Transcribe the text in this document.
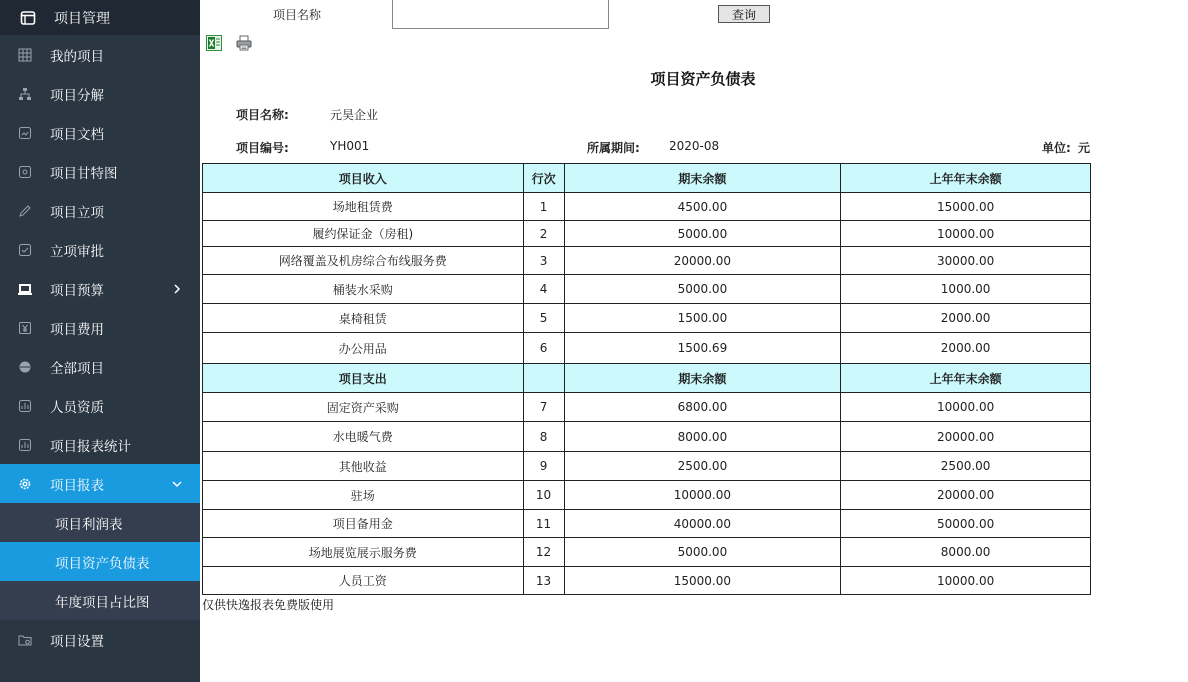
项目管理
我的项目
项目分解
项目文档
项目甘特图
项目立项
立项审批
项目预算
项目费用
全部项目
人员资质
项目报表统计
项目报表
项目利润表
项目资产负债表
年度项目占比图
项目设置
项目名称	查询
项目资产负债表
项目名称:	元昊企业
项目编号:	YH001	所属期间: 2020-08	单位: 元
项目收入	行次	期末余额	上年年末余额
场地租赁费	1	4500.00	15000.00
履约保证金（房租)	2	5000.00	10000.00
网络覆盖及机房综合布线服务费	3	20000.00	30000.00
桶装水采购	4	5000.00	1000.00
桌椅租赁	5	1500.00	2000.00
办公用品	6	1500.69	2000.00
项目支出		期末余额	上年年末余额
固定资产采购	7	6800.00	10000.00
水电暖气费	8	8000.00	20000.00
其他收益	9	2500.00	2500.00
驻场	10	10000.00	20000.00
项目备用金	11	40000.00	50000.00
场地展览展示服务费	12	5000.00	8000.00
人员工资	13	15000.00	10000.00
仅供快逸报表免费版使用
